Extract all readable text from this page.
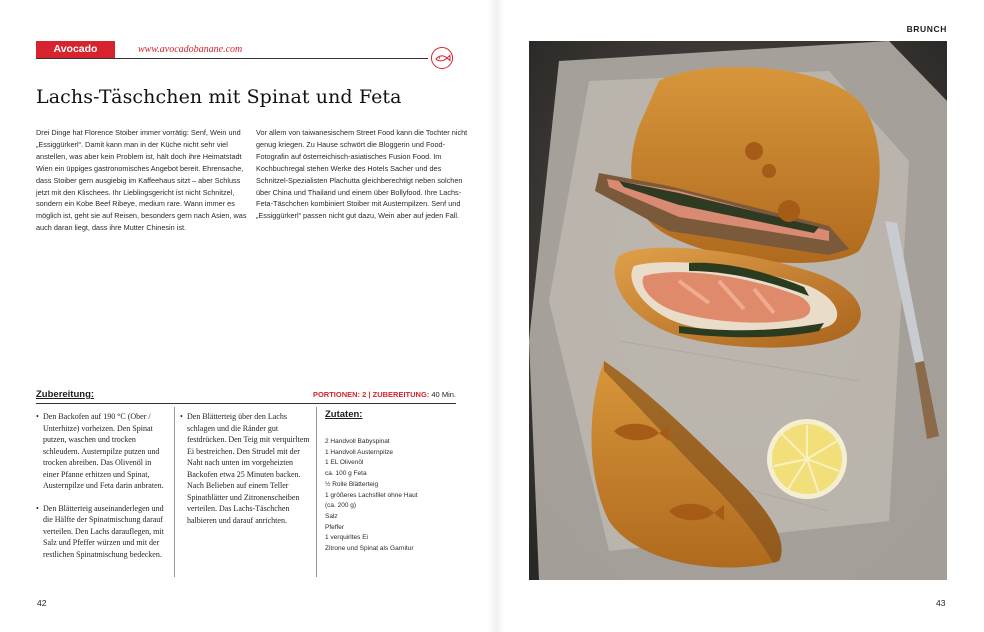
Avocado Banane
www.avocadobanane.com
Lachs-Täschchen mit Spinat und Feta

Drei Dinge hat Florence Stoiber immer vorrätig: Senf, Wein und „Essiggürkerl“. Damit kann man in der Küche nicht sehr viel anstellen, was aber kein Problem ist, hält doch ihre Heimatstadt Wien ein üppiges gastronomisches Angebot bereit. Ehrensache, dass Stoiber gern ausgiebig im Kaffeehaus sitzt – aber Schluss jetzt mit den Klischees. Ihr Lieblingsgericht ist nicht Schnitzel, sondern ein Kobe Beef Ribeye, medium rare. Wann immer es möglich ist, geht sie auf Reisen, besonders gern nach Asien, was auch daran liegt, dass ihre Mutter Chinesin ist.

Vor allem von taiwanesischem Street Food kann die Tochter nicht genug kriegen. Zu Hause schwört die Bloggerin und Food-Fotografin auf österreichisch-asiatisches Fusion Food. Im Kochbuchregal stehen Werke des Hotels Sacher und des Schnitzel-Spezialisten Plachutta gleichberechtigt neben solchen über China und Thailand und einem über Bollyfood. Ihre Lachs-Feta-Täschchen kombiniert Stoiber mit Austernpilzen. Senf und „Essiggürkerl“ passen nicht gut dazu, Wein aber auf jeden Fall.

Zubereitung:	PORTIONEN: 2 | ZUBEREITUNG: 40 Min.
• Den Backofen auf 190 °C (Ober / Unterhitze) vorheizen. Den Spinat putzen, waschen und trocken schleudern. Austernpilze putzen und trocken abreiben. Das Olivenöl in einer Pfanne erhitzen und Spinat, Austernpilze und Feta darin anbraten.
• Den Blätterteig auseinanderlegen und die Hälfte der Spinatmischung darauf verteilen. Den Lachs darauflegen, mit Salz und Pfeffer würzen und mit der restlichen Spinatmischung bedecken.
• Den Blätterteig über den Lachs schlagen und die Ränder gut festdrücken. Den Teig mit verquirltem Ei bestreichen. Den Strudel mit der Naht nach unten im vorgeheizten Backofen etwa 25 Minuten backen. Nach Belieben auf einem Teller Spinatblätter und Zitronenscheiben verteilen. Das Lachs-Täschchen halbieren und darauf anrichten.
Zutaten:
2 Handvoll Babyspinat
1 Handvoll Austernpilze
1 EL Olivenöl
ca. 100 g Feta
½ Rolle Blätterteig
1 größeres Lachsfilet ohne Haut
(ca. 200 g)
Salz
Pfeffer
1 verquirltes Ei
Zitrone und Spinat als Garnitur
42
BRUNCH
43
